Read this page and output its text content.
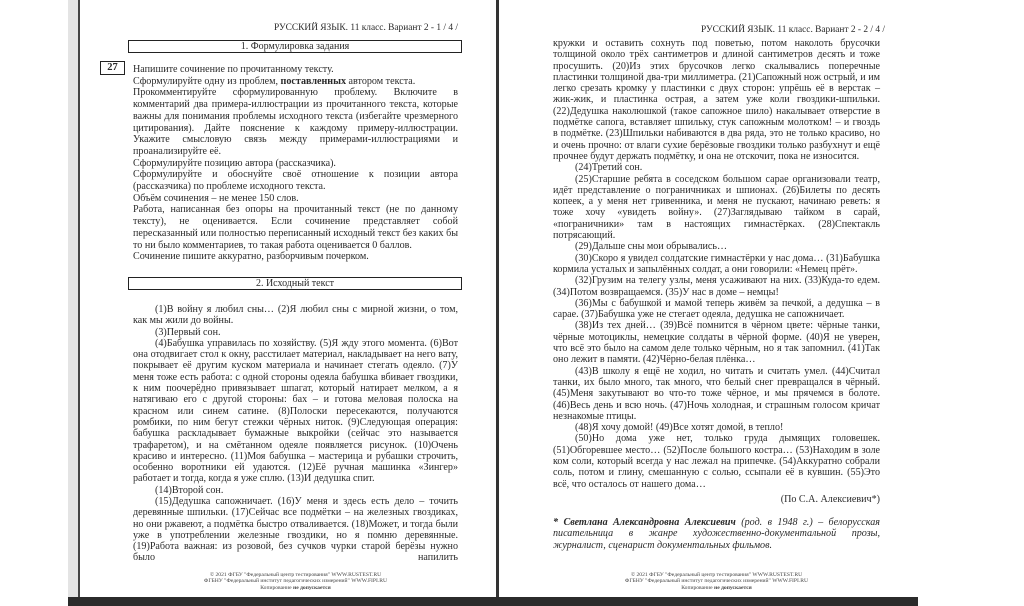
РУССКИЙ ЯЗЫК. 11 класс. Вариант 2 - 1 / 4 /
1. Формулировка задания
27	Напишите сочинение по прочитанному тексту.

Сформулируйте одну из проблем, поставленных автором текста.

Прокомментируйте сформулированную проблему. Включите в комментарий два примера-иллюстрации из прочитанного текста, которые важны для понимания проблемы исходного текста (избегайте чрезмерного цитирования). Дайте пояснение к каждому примеру-иллюстрации. Укажите смысловую связь между примерами-иллюстрациями и проанализируйте её.

Сформулируйте позицию автора (рассказчика).

Сформулируйте и обоснуйте своё отношение к позиции автора (рассказчика) по проблеме исходного текста.

Объём сочинения – не менее 150 слов.

Работа, написанная без опоры на прочитанный текст (не по данному тексту), не оценивается. Если сочинение представляет собой пересказанный или полностью переписанный исходный текст без каких бы то ни было комментариев, то такая работа оценивается 0 баллов.

Сочинение пишите аккуратно, разборчивым почерком.

2. Исходный текст

(1)В войну я любил сны… (2)Я любил сны с мирной жизни, о том, как мы жили до войны.

(3)Первый сон.

(4)Бабушка управилась по хозяйству. (5)Я жду этого момента. (6)Вот она отодвигает стол к окну, расстилает материал, накладывает на него вату, покрывает её другим куском материала и начинает стегать одеяло. (7)У меня тоже есть работа: с одной стороны одеяла бабушка вбивает гвоздики, к ним поочерёдно привязывает шпагат, который натирает мелком, а я натягиваю его с другой стороны: бах – и готова меловая полоска на красном или синем сатине. (8)Полоски пересекаются, получаются ромбики, по ним бегут стежки чёрных ниток. (9)Следующая операция: бабушка раскладывает бумажные выкройки (сейчас это называется трафаретом), и на смётанном одеяле появляется рисунок. (10)Очень красиво и интересно. (11)Моя бабушка – мастерица и рубашки строчить, особенно воротники ей удаются. (12)Её ручная машинка «Зингер» работает и тогда, когда я уже сплю. (13)И дедушка спит.

(14)Второй сон.

(15)Дедушка сапожничает. (16)У меня и здесь есть дело – точить деревянные шпильки. (17)Сейчас все подмётки – на железных гвоздиках, но они ржавеют, а подмётка быстро отваливается. (18)Может, и тогда были уже в употреблении железные гвоздики, но я помню деревянные. (19)Работа важная: из розовой, без сучков чурки старой берёзы нужно было напилить

© 2021 ФГБУ "Федеральный центр тестирования" WWW.RUSTEST.RU
ФГБНУ "Федеральный институт педагогических измерений" WWW.FIPI.RU
Копирование не допускается
РУССКИЙ ЯЗЫК. 11 класс. Вариант 2 - 2 / 4 /

кружки и оставить сохнуть под поветью, потом наколоть брусочки толщиной около трёх сантиметров и длиной сантиметров десять и тоже просушить. (20)Из этих брусочков легко скалывались поперечные пластинки толщиной два-три миллиметра. (21)Сапожный нож острый, и им легко срезать кромку у пластинки с двух сторон: упрёшь её в верстак – жик-жик, и пластинка острая, а затем уже коли гвоздики-шпильки. (22)Дедушка наколюшкой (такое сапожное шило) накалывает отверстие в подмётке сапога, вставляет шпильку, стук сапожным молотком! – и гвоздь в подмётке. (23)Шпильки набиваются в два ряда, это не только красиво, но и очень прочно: от влаги сухие берёзовые гвоздики только разбухнут и ещё прочнее будут держать подмётку, и она не отскочит, пока не износится.

(24)Третий сон.

(25)Старшие ребята в соседском большом сарае организовали театр, идёт представление о пограничниках и шпионах. (26)Билеты по десять копеек, а у меня нет гривенника, и меня не пускают, начинаю реветь: я тоже хочу «увидеть войну». (27)Заглядываю тайком в сарай, «пограничники» там в настоящих гимнастёрках. (28)Спектакль потрясающий.

(29)Дальше сны мои обрывались…

(30)Скоро я увидел солдатские гимнастёрки у нас дома… (31)Бабушка кормила усталых и запылённых солдат, а они говорили: «Немец прёт».

(32)Грузим на телегу узлы, меня усаживают на них. (33)Куда-то едем. (34)Потом возвращаемся. (35)У нас в доме – немцы!

(36)Мы с бабушкой и мамой теперь живём за печкой, а дедушка – в сарае. (37)Бабушка уже не стегает одеяла, дедушка не сапожничает.

(38)Из тех дней… (39)Всё помнится в чёрном цвете: чёрные танки, чёрные мотоциклы, немецкие солдаты в чёрной форме. (40)Я не уверен, что всё это было на самом деле только чёрным, но я так запомнил. (41)Так оно лежит в памяти. (42)Чёрно-белая плёнка…

(43)В школу я ещё не ходил, но читать и считать умел. (44)Считал танки, их было много, так много, что белый снег превращался в чёрный. (45)Меня закутывают во что-то тоже чёрное, и мы прячемся в болоте. (46)Весь день и всю ночь. (47)Ночь холодная, и страшным голосом кричат незнакомые птицы.

(48)Я хочу домой! (49)Все хотят домой, в тепло!

(50)Но дома уже нет, только груда дымящих головешек. (51)Обгоревшее место… (52)После большого костра… (53)Находим в золе ком соли, который всегда у нас лежал на припечке. (54)Аккуратно собрали соль, потом и глину, смешанную с солью, ссыпали её в кувшин. (55)Это всё, что осталось от нашего дома…

(По С.А. Алексиевич*)

* Светлана Александровна Алексиевич (род. в 1948 г.) – белорусская писательница в жанре художественно-документальной прозы, журналист, сценарист документальных фильмов.

© 2021 ФГБУ "Федеральный центр тестирования" WWW.RUSTEST.RU
ФГБНУ "Федеральный институт педагогических измерений" WWW.FIPI.RU
Копирование не допускается
